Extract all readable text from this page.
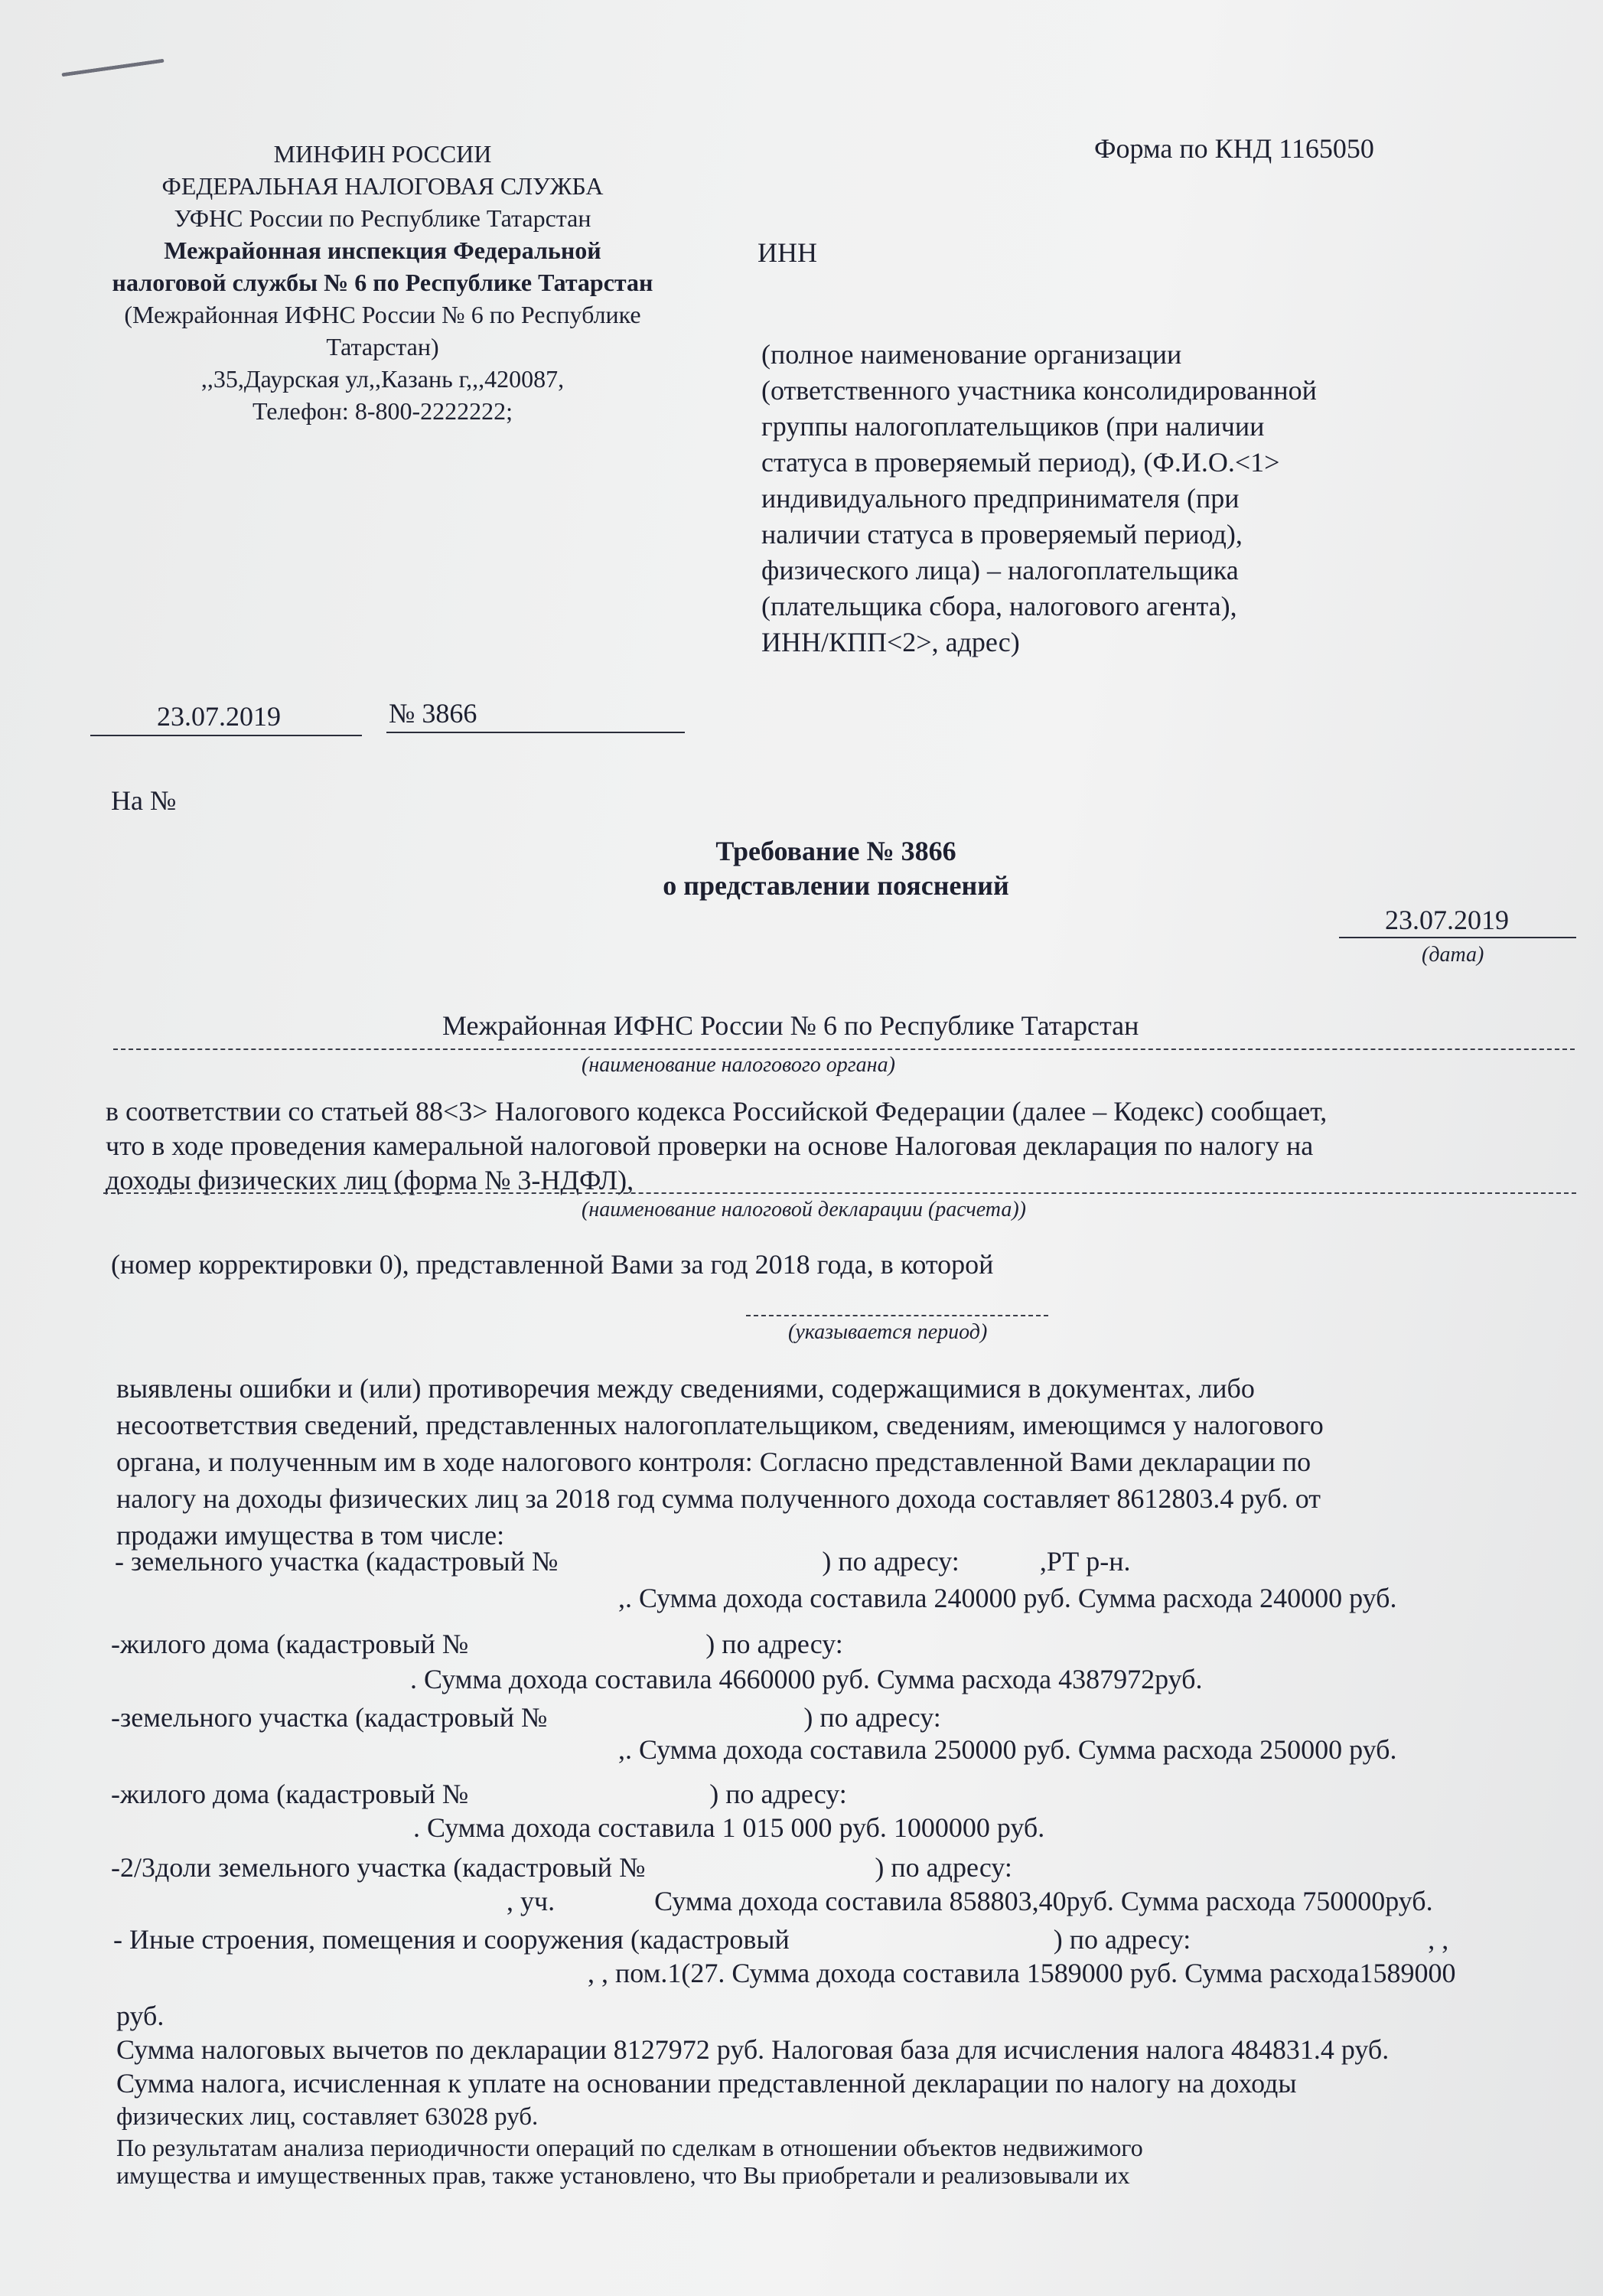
МИНФИН РОССИИ
ФЕДЕРАЛЬНАЯ НАЛОГОВАЯ СЛУЖБА
УФНС России по Республике Татарстан
Межрайонная инспекция Федеральной
налоговой службы № 6 по Республике Татарстан
(Межрайонная ИФНС России № 6 по Республике
Татарстан)
,,35,Даурская ул,,Казань г,,,420087,
Телефон: 8-800-2222222;
Форма по КНД 1165050
ИНН
(полное наименование организации
(ответственного участника консолидированной
группы налогоплательщиков (при наличии
статуса в проверяемый период), (Ф.И.О.<1>
индивидуального предпринимателя (при
наличии статуса в проверяемый период),
физического лица) – налогоплательщика
(плательщика сбора, налогового агента),
ИНН/КПП<2>, адрес)
23.07.2019	№ 3866
На №
Требование № 3866
о представлении пояснений
23.07.2019
(дата)
Межрайонная ИФНС России № 6 по Республике Татарстан
(наименование налогового органа)
в соответствии со статьей 88<3> Налогового кодекса Российской Федерации (далее – Кодекс) сообщает,
что в ходе проведения камеральной налоговой проверки на основе Налоговая декларация по налогу на
доходы физических лиц (форма № 3-НДФЛ),
(наименование налоговой декларации (расчета))
(номер корректировки 0), представленной Вами за год 2018 года, в которой
(указывается период)
выявлены ошибки и (или) противоречия между сведениями, содержащимися в документах, либо
несоответствия сведений, представленных налогоплательщиком, сведениям, имеющимся у налогового
органа, и полученным им в ходе налогового контроля: Согласно представленной Вами декларации по
налогу на доходы физических лиц за 2018 год сумма полученного дохода составляет 8612803.4 руб. от
продажи имущества в том числе:
- земельного участка (кадастровый №	) по адресу:	,РТ р-н.
,. Сумма дохода составила 240000 руб. Сумма расхода 240000 руб.
-жилого дома (кадастровый №	) по адресу:
. Сумма дохода составила 4660000 руб. Сумма расхода 4387972руб.
-земельного участка (кадастровый №	) по адресу:
,. Сумма дохода составила 250000 руб. Сумма расхода 250000 руб.
-жилого дома (кадастровый №	) по адресу:
. Сумма дохода составила 1 015 000 руб. 1000000 руб.
-2/3доли земельного участка (кадастровый №	) по адресу:
, уч.	Сумма дохода составила 858803,40руб. Сумма расхода 750000руб.
- Иные строения, помещения и сооружения (кадастровый	) по адресу:	, ,
, , пом.1(27. Сумма дохода составила 1589000 руб. Сумма расхода1589000
руб.
Сумма налоговых вычетов по декларации 8127972 руб. Налоговая база для исчисления налога 484831.4 руб.
Сумма налога, исчисленная к уплате на основании представленной декларации по налогу на доходы
физических лиц, составляет 63028 руб.
По результатам анализа периодичности операций по сделкам в отношении объектов недвижимого
имущества и имущественных прав, также установлено, что Вы приобретали и реализовывали их
